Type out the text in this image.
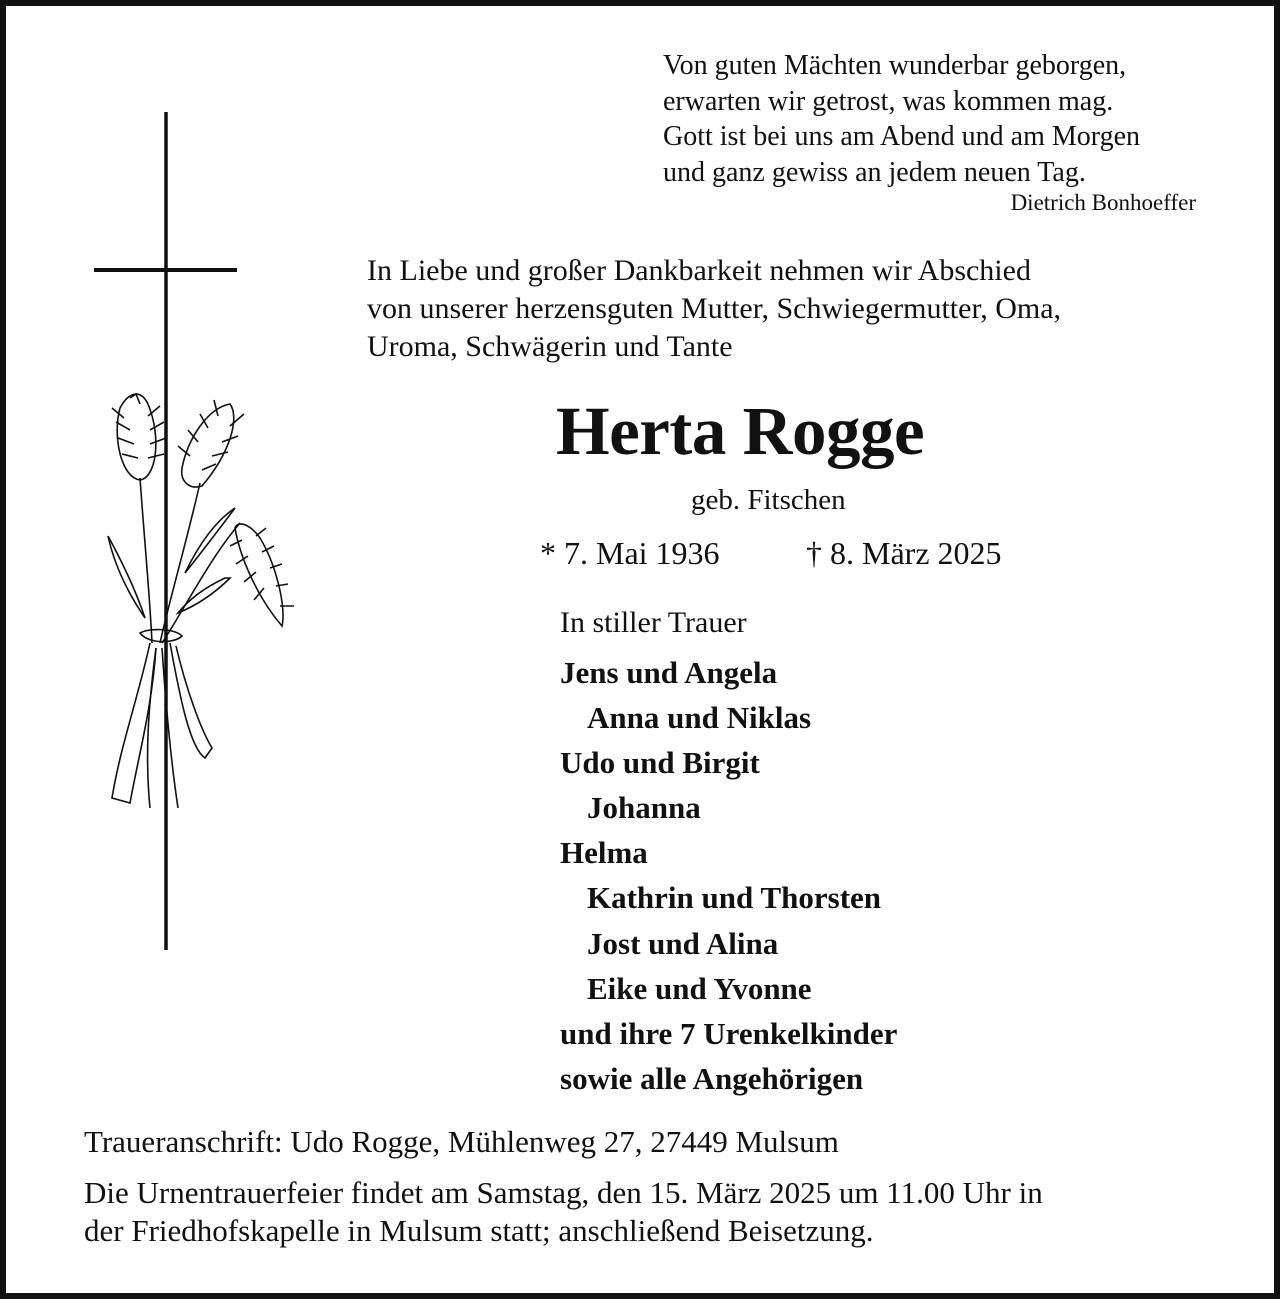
Von guten Mächten wunderbar geborgen,
erwarten wir getrost, was kommen mag.
Gott ist bei uns am Abend und am Morgen
und ganz gewiss an jedem neuen Tag.
Dietrich Bonhoeffer
In Liebe und großer Dankbarkeit nehmen wir Abschied
von unserer herzensguten Mutter, Schwiegermutter, Oma,
Uroma, Schwägerin und Tante
Herta Rogge
geb. Fitschen
* 7. Mai 1936	† 8. März 2025
In stiller Trauer
Jens und Angela
Anna und Niklas
Udo und Birgit
Johanna
Helma
Kathrin und Thorsten
Jost und Alina
Eike und Yvonne
und ihre 7 Urenkelkinder
sowie alle Angehörigen
Traueranschrift: Udo Rogge, Mühlenweg 27, 27449 Mulsum
Die Urnentrauerfeier findet am Samstag, den 15. März 2025 um 11.00 Uhr in
der Friedhofskapelle in Mulsum statt; anschließend Beisetzung.
